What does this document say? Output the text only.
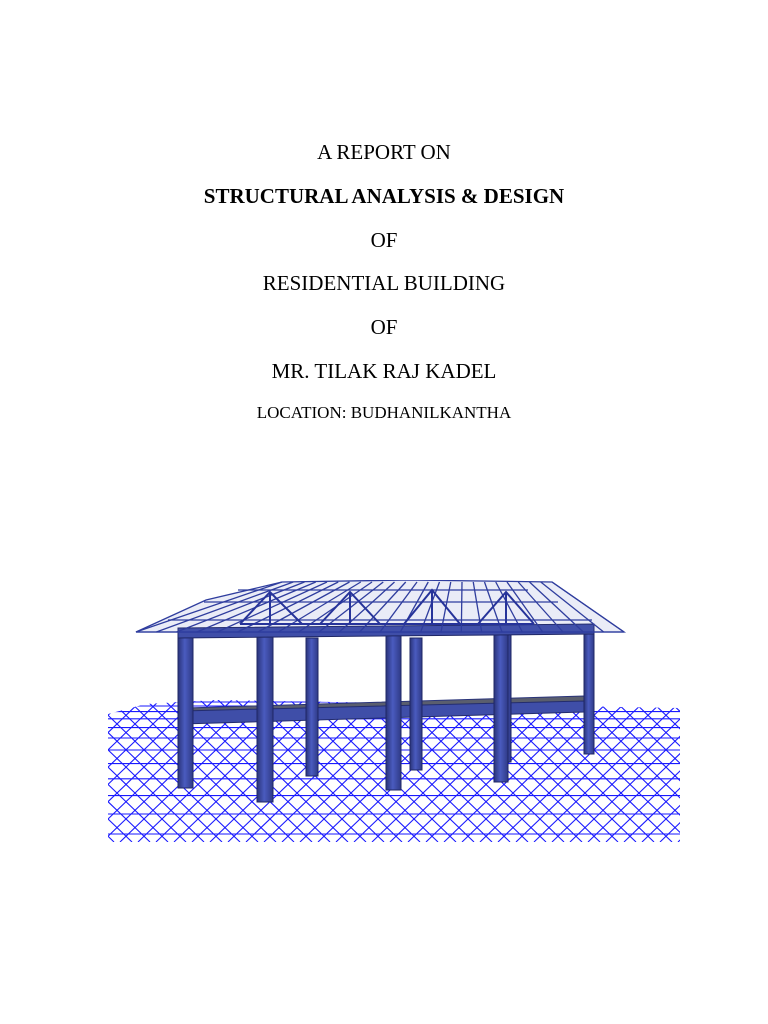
A REPORT ON
STRUCTURAL ANALYSIS & DESIGN
OF
RESIDENTIAL BUILDING
OF
MR. TILAK RAJ KADEL
LOCATION: BUDHANILKANTHA
